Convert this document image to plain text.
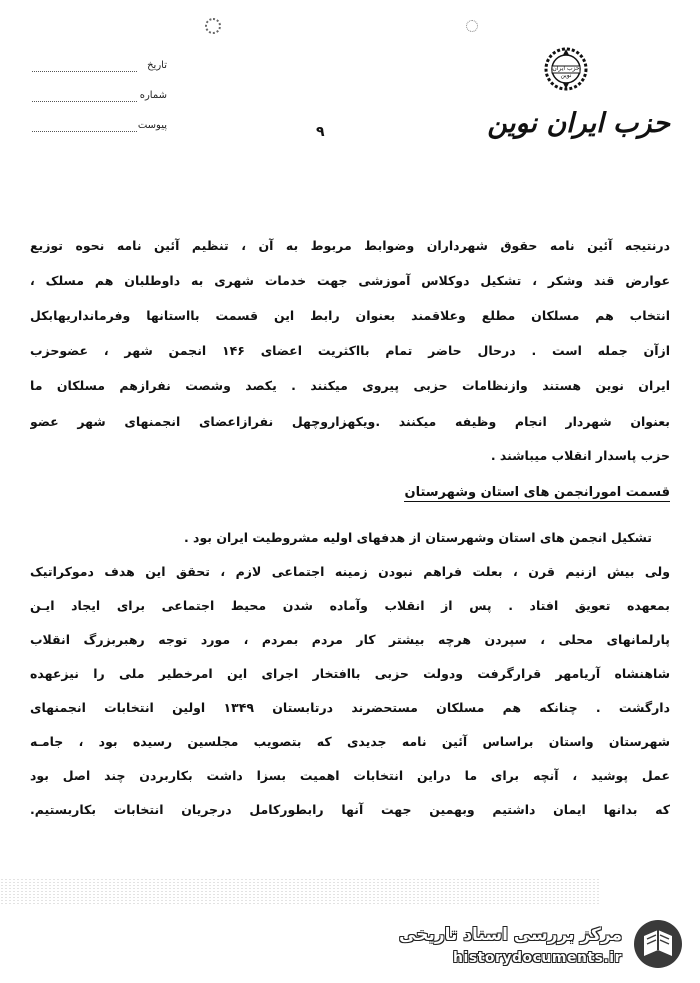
حزب ایران نوین
حزب ایران نوین
تاریخ
شماره
پیوست	۹
درنتیجه آئین نامه حقوق شهرداران وضوابط مربوط به آن ، تنظیم آئین نامه نحوه توزیع
عوارض قند وشکر ، تشکیل دوکلاس آموزشی جهت خدمات شهری به داوطلبان هم مسلک ،
انتخاب هم مسلکان مطلع وعلاقمند بعنوان رابط این قسمت بااستانها وفرمانداریهابکل
ازآن جمله است . درحال حاضر تمام بااکثریت اعضای ۱۴۶ انجمن شهر ، عضوحزب
ایران نوین هستند وازنظامات حزبی پیروی میکنند . یکصد وشصت نفرازهم مسلکان ما
بعنوان شهردار انجام وظیفه میکنند .ویکهزاروچهل نفرازاعضای انجمنهای شهر عضو
حزب پاسدار انقلاب میباشند .
قسمت امورانجمن های استان وشهرستان
تشکیل انجمن های استان وشهرستان از هدفهای اولیه مشروطیت ایران بود .
ولی بیش ازنیم قرن ، بعلت فراهم نبودن زمینه اجتماعی لازم ، تحقق این هدف دموکراتیک
بمعهده تعویق افتاد . پس از انقلاب وآماده شدن محیط اجتماعی برای ایجاد ایـن
پارلمانهای محلی ، سپردن هرچه بیشتر کار مردم بمردم ، مورد توجه رهبربزرگ انقلاب
شاهنشاه آریامهر قرارگرفت ودولت حزبی باافتخار اجرای این امرخطیر ملی را نیزعهده
دارگشت . چنانکه هم مسلکان مستحضرند درتابستان ۱۳۴۹ اولین انتخابات انجمنهای
شهرستان واستان براساس آئین نامه جدیدی که بتصویب مجلسین رسیده بود ، جامـه
عمل پوشید ، آنچه برای ما دراین انتخابات اهمیت بسزا داشت بکاربردن چند اصل بود
که بدانها ایمان داشتیم وبهمین جهت آنها رابطورکامل درجریان انتخابات بکاربستیم.
مرکز بررسی اسناد تاریخی
historydocuments.ir
